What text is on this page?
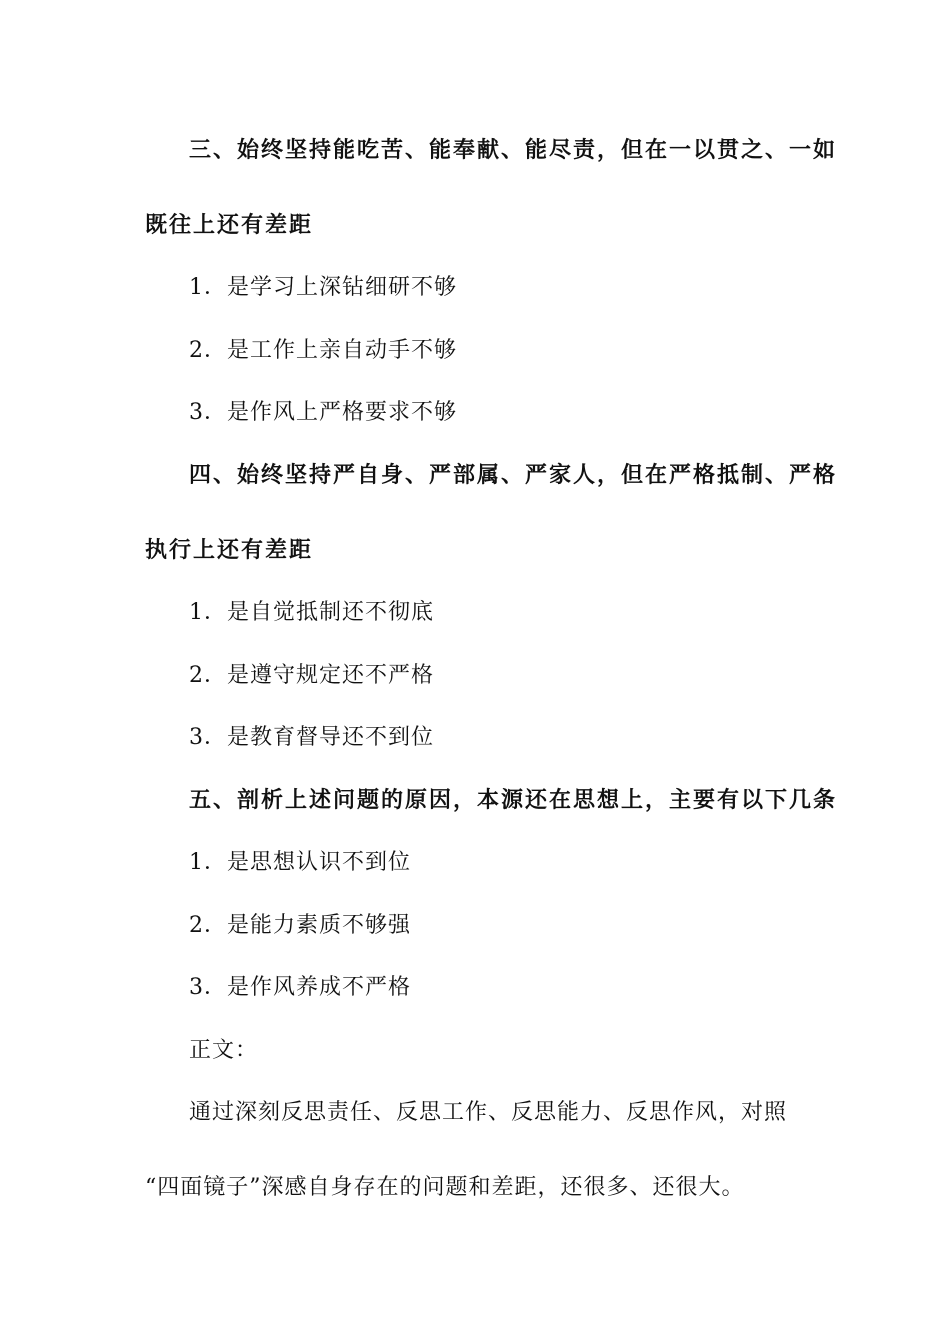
三、始终坚持能吃苦、能奉献、能尽责，但在一以贯之、一如
既往上还有差距
1．是学习上深钻细研不够
2．是工作上亲自动手不够
3．是作风上严格要求不够
四、始终坚持严自身、严部属、严家人，但在严格抵制、严格
执行上还有差距
1．是自觉抵制还不彻底
2．是遵守规定还不严格
3．是教育督导还不到位
五、剖析上述问题的原因，本源还在思想上，主要有以下几条
1．是思想认识不到位
2．是能力素质不够强
3．是作风养成不严格
正文：
通过深刻反思责任、反思工作、反思能力、反思作风，对照
“四面镜子”深感自身存在的问题和差距，还很多、还很大。
